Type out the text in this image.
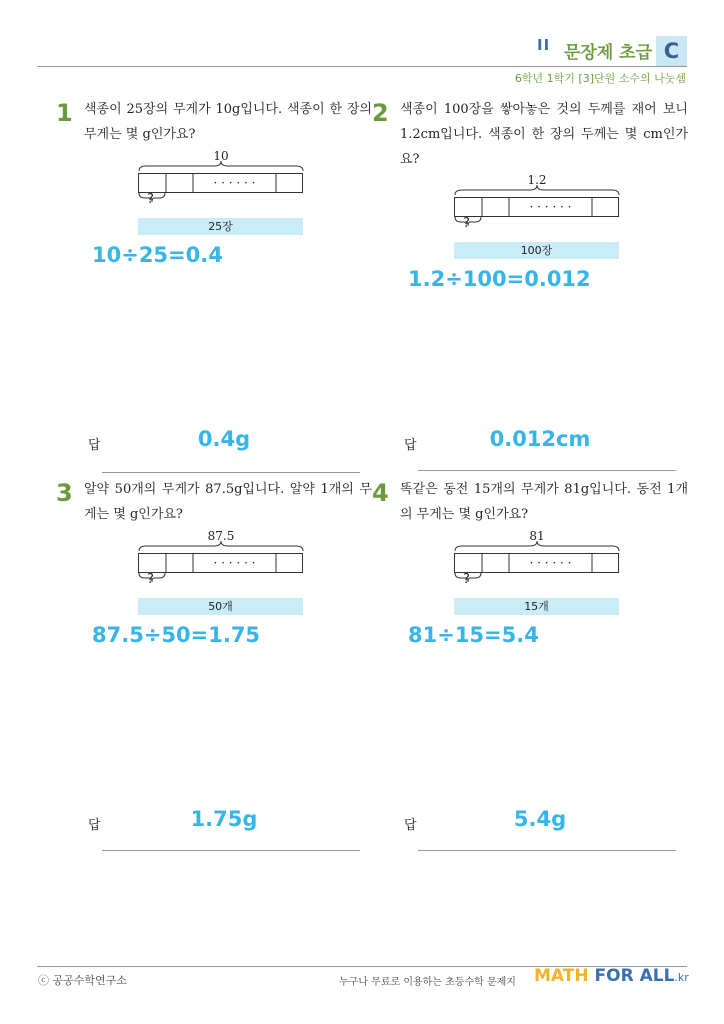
II 문장제 초급 C
6학년 1학기 [3]단원 소수의 나눗셈
1 색종이 25장의 무게가 10g입니다. 색종이 한 장의 무게는 몇 g인가요?

10
· · · · · ·
?
25장
10÷25=0.4
답	0.4g
2 색종이 100장을 쌓아놓은 것의 두께를 재어 보니 1.2cm입니다. 색종이 한 장의 두께는 몇 cm인가요?

1.2
· · · · · ·
?
100장
1.2÷100=0.012
답	0.012cm
3 알약 50개의 무게가 87.5g입니다. 알약 1개의 무게는 몇 g인가요?

87.5
· · · · · ·
?
50개
87.5÷50=1.75
답	1.75g
4 똑같은 동전 15개의 무게가 81g입니다. 동전 1개의 무게는 몇 g인가요?

81
· · · · · ·
?
15개
81÷15=5.4
답	5.4g
ⓒ 공공수학연구소	누구나 무료로 이용하는 초등수학 문제지 MATH FOR ALL.kr
